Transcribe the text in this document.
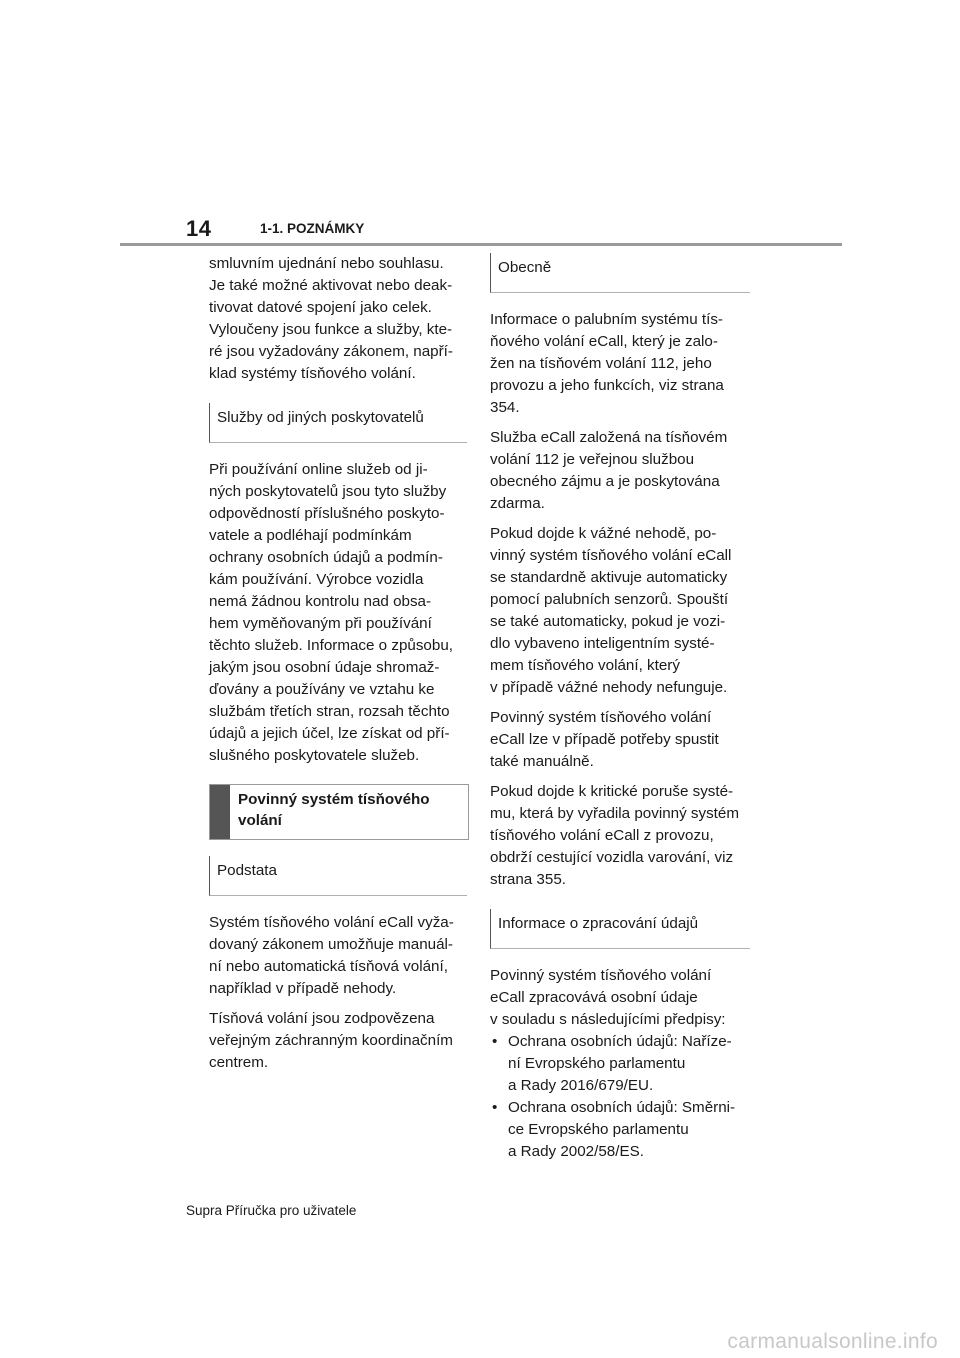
14	1-1. POZNÁMKY

smluvním ujednání nebo souhlasu.
Je také možné aktivovat nebo deak-
tivovat datové spojení jako celek.
Vyloučeny jsou funkce a služby, kte-
ré jsou vyžadovány zákonem, napří-
klad systémy tísňového volání.

Služby od jiných poskytovatelů

Při používání online služeb od ji-
ných poskytovatelů jsou tyto služby
odpovědností příslušného poskyto-
vatele a podléhají podmínkám
ochrany osobních údajů a podmín-
kám používání. Výrobce vozidla
nemá žádnou kontrolu nad obsa-
hem vyměňovaným při používání
těchto služeb. Informace o způsobu,
jakým jsou osobní údaje shromaž-
ďovány a používány ve vztahu ke
službám třetích stran, rozsah těchto
údajů a jejich účel, lze získat od pří-
slušného poskytovatele služeb.

Povinný systém tísňového
volání
Podstata

Systém tísňového volání eCall vyža-
dovaný zákonem umožňuje manuál-
ní nebo automatická tísňová volání,
například v případě nehody.

Tísňová volání jsou zodpovězena
veřejným záchranným koordinačním
centrem.

Obecně

Informace o palubním systému tís-
ňového volání eCall, který je zalo-
žen na tísňovém volání 112, jeho
provozu a jeho funkcích, viz strana
354.

Služba eCall založená na tísňovém
volání 112 je veřejnou službou
obecného zájmu a je poskytována
zdarma.

Pokud dojde k vážné nehodě, po-
vinný systém tísňového volání eCall
se standardně aktivuje automaticky
pomocí palubních senzorů. Spouští
se také automaticky, pokud je vozi-
dlo vybaveno inteligentním systé-
mem tísňového volání, který
v případě vážné nehody nefunguje.

Povinný systém tísňového volání
eCall lze v případě potřeby spustit
také manuálně.

Pokud dojde k kritické poruše systé-
mu, která by vyřadila povinný systém
tísňového volání eCall z provozu,
obdrží cestující vozidla varování, viz
strana 355.

Informace o zpracování údajů

Povinný systém tísňového volání
eCall zpracovává osobní údaje
v souladu s následujícími předpisy:

• Ochrana osobních údajů: Naříze-
ní Evropského parlamentu
a Rady 2016/679/EU.
• Ochrana osobních údajů: Směrni-
ce Evropského parlamentu
a Rady 2002/58/ES.
Supra Příručka pro uživatele
carmanualsonline.info
